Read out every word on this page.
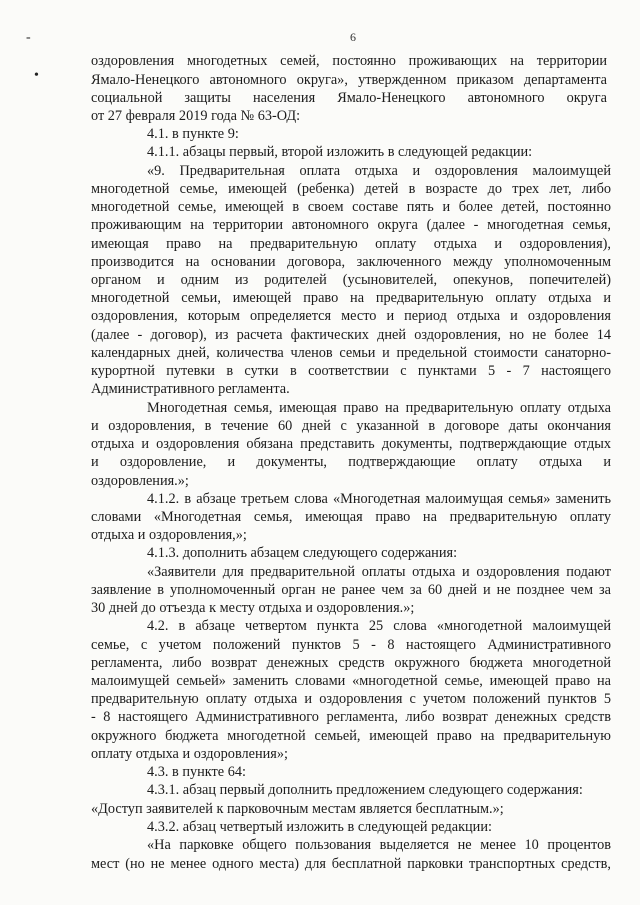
6
-
•
оздоровления многодетных семей, постоянно проживающих на территории
Ямало-Ненецкого автономного округа», утвержденном приказом департамента
социальной защиты населения Ямало-Ненецкого автономного округа
от 27 февраля 2019 года № 63-ОД:
4.1. в пункте 9:
4.1.1. абзацы первый, второй изложить в следующей редакции:
«9. Предварительная оплата отдыха и оздоровления малоимущей
многодетной семье, имеющей (ребенка) детей в возрасте до трех лет, либо
многодетной семье, имеющей в своем составе пять и более детей, постоянно
проживающим на территории автономного округа (далее - многодетная семья,
имеющая право на предварительную оплату отдыха и оздоровления),
производится на основании договора, заключенного между уполномоченным
органом и одним из родителей (усыновителей, опекунов, попечителей)
многодетной семьи, имеющей право на предварительную оплату отдыха и
оздоровления, которым определяется место и период отдыха и оздоровления
(далее - договор), из расчета фактических дней оздоровления, но не более 14
календарных дней, количества членов семьи и предельной стоимости санаторно-
курортной путевки в сутки в соответствии с пунктами 5 - 7 настоящего
Административного регламента.
Многодетная семья, имеющая право на предварительную оплату отдыха
и оздоровления, в течение 60 дней с указанной в договоре даты окончания
отдыха и оздоровления обязана представить документы, подтверждающие отдых
и оздоровление, и документы, подтверждающие оплату отдыха и
оздоровления.»;
4.1.2. в абзаце третьем слова «Многодетная малоимущая семья» заменить
словами «Многодетная семья, имеющая право на предварительную оплату
отдыха и оздоровления,»;
4.1.3. дополнить абзацем следующего содержания:
«Заявители для предварительной оплаты отдыха и оздоровления подают
заявление в уполномоченный орган не ранее чем за 60 дней и не позднее чем за
30 дней до отъезда к месту отдыха и оздоровления.»;
4.2. в абзаце четвертом пункта 25 слова «многодетной малоимущей
семье, с учетом положений пунктов 5 - 8 настоящего Административного
регламента, либо возврат денежных средств окружного бюджета многодетной
малоимущей семьей» заменить словами «многодетной семье, имеющей право на
предварительную оплату отдыха и оздоровления с учетом положений пунктов 5
- 8 настоящего Административного регламента, либо возврат денежных средств
окружного бюджета многодетной семьей, имеющей право на предварительную
оплату отдыха и оздоровления»;
4.3. в пункте 64:
4.3.1. абзац первый дополнить предложением следующего содержания:
«Доступ заявителей к парковочным местам является бесплатным.»;
4.3.2. абзац четвертый изложить в следующей редакции:
«На парковке общего пользования выделяется не менее 10 процентов
мест (но не менее одного места) для бесплатной парковки транспортных средств,
